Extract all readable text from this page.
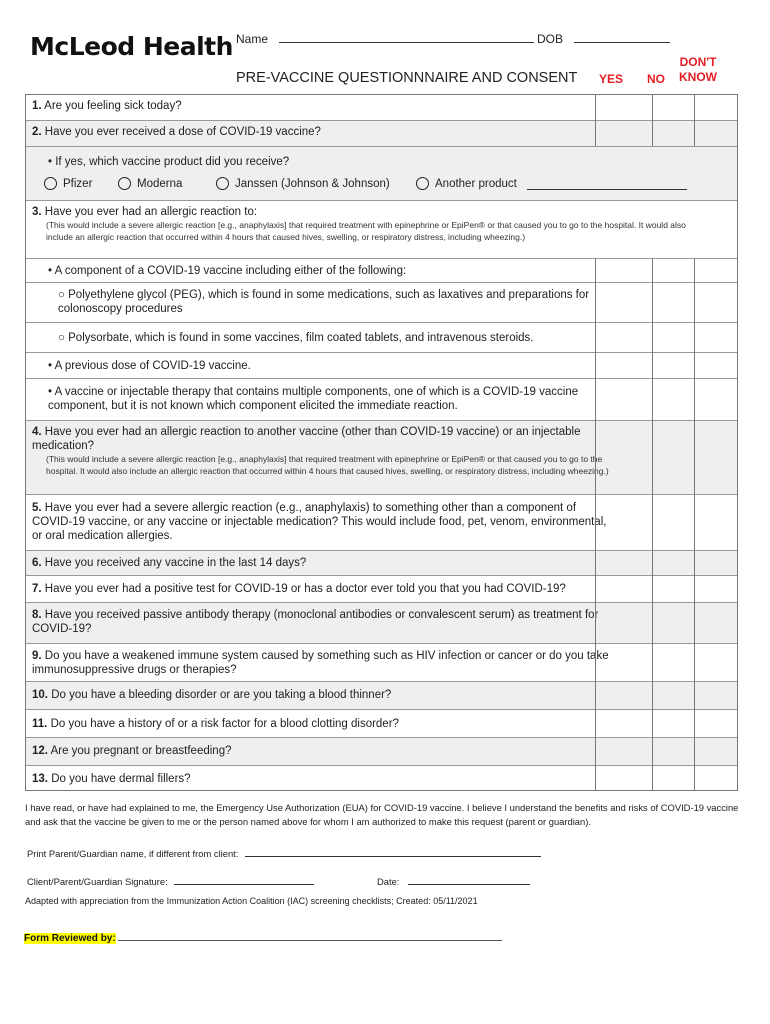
McLeod Health Name	DOB
PRE-VACCINE QUESTIONNNAIRE AND CONSENT YES	NO
DON'T
KNOW
1. Are you feeling sick today?
2. Have you ever received a dose of COVID-19 vaccine?
• If yes, which vaccine product did you receive?
Pfizer	Moderna	Janssen (Johnson & Johnson)	Another product
3. Have you ever had an allergic reaction to:
(This would include a severe allergic reaction [e.g., anaphylaxis] that required treatment with epinephrine or EpiPen® or that caused you to go to the hospital. It would also include an allergic reaction that occurred within 4 hours that caused hives, swelling, or respiratory distress, including wheezing.)
• A component of a COVID-19 vaccine including either of the following:
○ Polyethylene glycol (PEG), which is found in some medications, such as laxatives and preparations for colonoscopy procedures
○ Polysorbate, which is found in some vaccines, film coated tablets, and intravenous steroids.
• A previous dose of COVID-19 vaccine.
• A vaccine or injectable therapy that contains multiple components, one of which is a COVID-19 vaccine component, but it is not known which component elicited the immediate reaction.
4. Have you ever had an allergic reaction to another vaccine (other than COVID-19 vaccine) or an injectable medication?
(This would include a severe allergic reaction [e.g., anaphylaxis] that required treatment with epinephrine or EpiPen® or that caused you to go to the hospital. It would also include an allergic reaction that occurred within 4 hours that caused hives, swelling, or respiratory distress, including wheezing.)
5. Have you ever had a severe allergic reaction (e.g., anaphylaxis) to something other than a component of COVID-19 vaccine, or any vaccine or injectable medication? This would include food, pet, venom, environmental, or oral medication allergies.
6. Have you received any vaccine in the last 14 days?
7. Have you ever had a positive test for COVID-19 or has a doctor ever told you that you had COVID-19?
8. Have you received passive antibody therapy (monoclonal antibodies or convalescent serum) as treatment for COVID-19?
9. Do you have a weakened immune system caused by something such as HIV infection or cancer or do you take immunosuppressive drugs or therapies?
10. Do you have a bleeding disorder or are you taking a blood thinner?
11. Do you have a history of or a risk factor for a blood clotting disorder?
12. Are you pregnant or breastfeeding?
13. Do you have dermal fillers?
I have read, or have had explained to me, the Emergency Use Authorization (EUA) for COVID-19 vaccine. I believe I understand the benefits and risks of COVID-19 vaccine and ask that the vaccine be given to me or the person named above for whom I am authorized to make this request (parent or guardian).
Print Parent/Guardian name, if different from client:
Client/Parent/Guardian Signature:	Date:
Adapted with appreciation from the Immunization Action Coalition (IAC) screening checklists; Created: 05/11/2021
Form Reviewed by:
